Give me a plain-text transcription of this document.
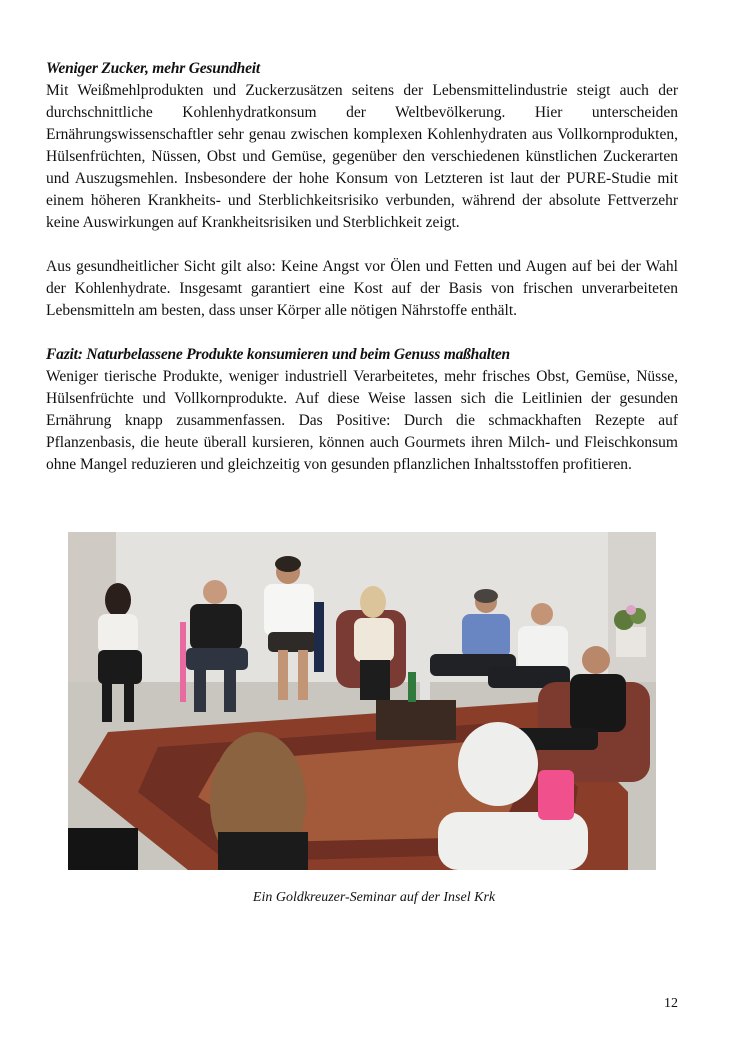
Weniger Zucker, mehr Gesundheit

Mit Weißmehlprodukten und Zuckerzusätzen seitens der Lebensmittelindustrie steigt auch der durchschnittliche Kohlenhydratkonsum der Weltbevölkerung. Hier unterscheiden Ernährungswissenschaftler sehr genau zwischen komplexen Kohlenhydraten aus Vollkornprodukten, Hülsenfrüchten, Nüssen, Obst und Gemüse, gegenüber den verschiedenen künstlichen Zuckerarten und Auszugsmehlen. Insbesondere der hohe Konsum von Letzteren ist laut der PURE-Studie mit einem höheren Krankheits- und Sterblichkeitsrisiko verbunden, während der absolute Fettverzehr keine Auswirkungen auf Krankheitsrisiken und Sterblichkeit zeigt.

Aus gesundheitlicher Sicht gilt also: Keine Angst vor Ölen und Fetten und Augen auf bei der Wahl der Kohlenhydrate. Insgesamt garantiert eine Kost auf der Basis von frischen unverarbeiteten Lebensmitteln am besten, dass unser Körper alle nötigen Nährstoffe enthält.

Fazit: Naturbelassene Produkte konsumieren und beim Genuss maßhalten

Weniger tierische Produkte, weniger industriell Verarbeitetes, mehr frisches Obst, Gemüse, Nüsse, Hülsenfrüchte und Vollkornprodukte. Auf diese Weise lassen sich die Leitlinien der gesunden Ernährung knapp zusammenfassen. Das Positive: Durch die schmackhaften Rezepte auf Pflanzenbasis, die heute überall kursieren, können auch Gourmets ihren Milch- und Fleischkonsum ohne Mangel reduzieren und gleichzeitig von gesunden pflanzlichen Inhaltsstoffen profitieren.

Ein Goldkreuzer-Seminar auf der Insel Krk
12
